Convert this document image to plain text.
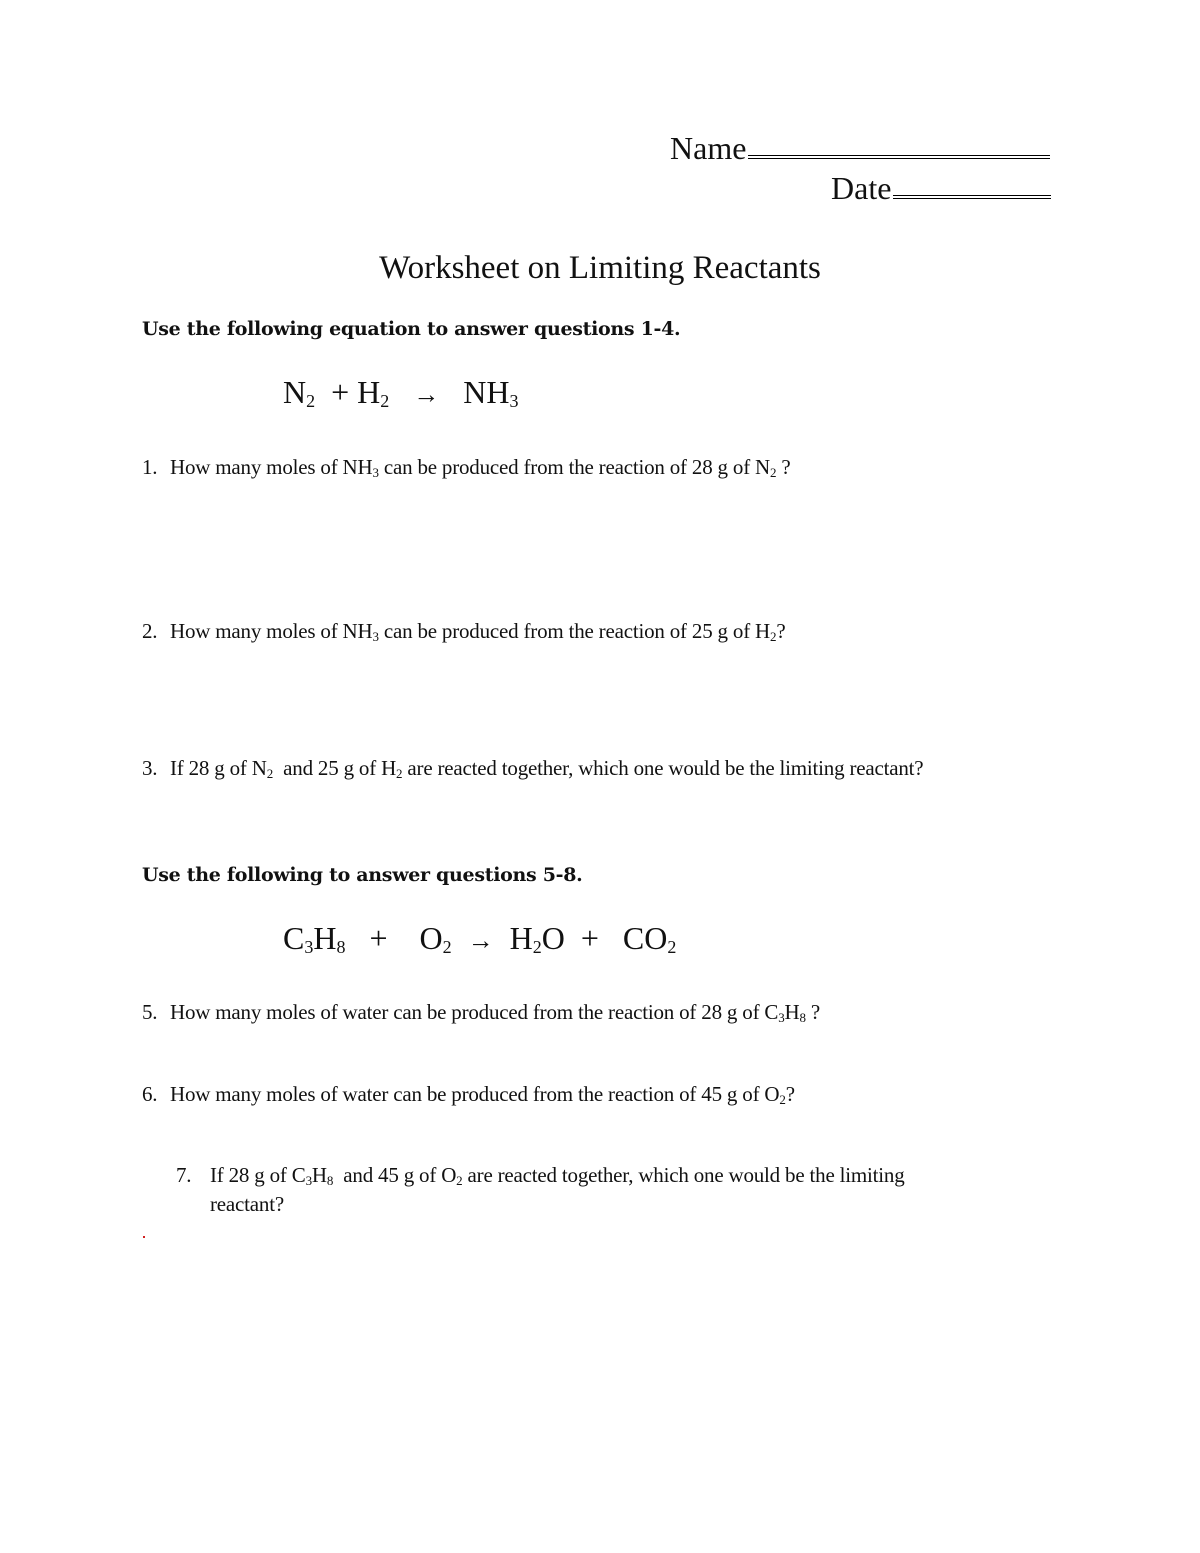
Name
Date
Worksheet on Limiting Reactants
Use the following equation to answer questions 1-4.
$N_2 + H_2 \to NH_3$
1. How many moles of $NH_3$ can be produced from the reaction of 28 g of $N_2$ ?
2. How many moles of $NH_3$ can be produced from the reaction of 25 g of $H_2$?
3. If 28 g of $N_2$  and 25 g of $H_2$ are reacted together, which one would be the limiting reactant?
Use the following to answer questions 5-8.
$C_3H_8 + O_2 \to H_2O + CO_2$
5. How many moles of water can be produced from the reaction of 28 g of $C_3H_8$ ?
6. How many moles of water can be produced from the reaction of 45 g of $O_2$?
7. If 28 g of $C_3H_8$  and 45 g of $O_2$ are reacted together, which one would be the limiting
reactant?
